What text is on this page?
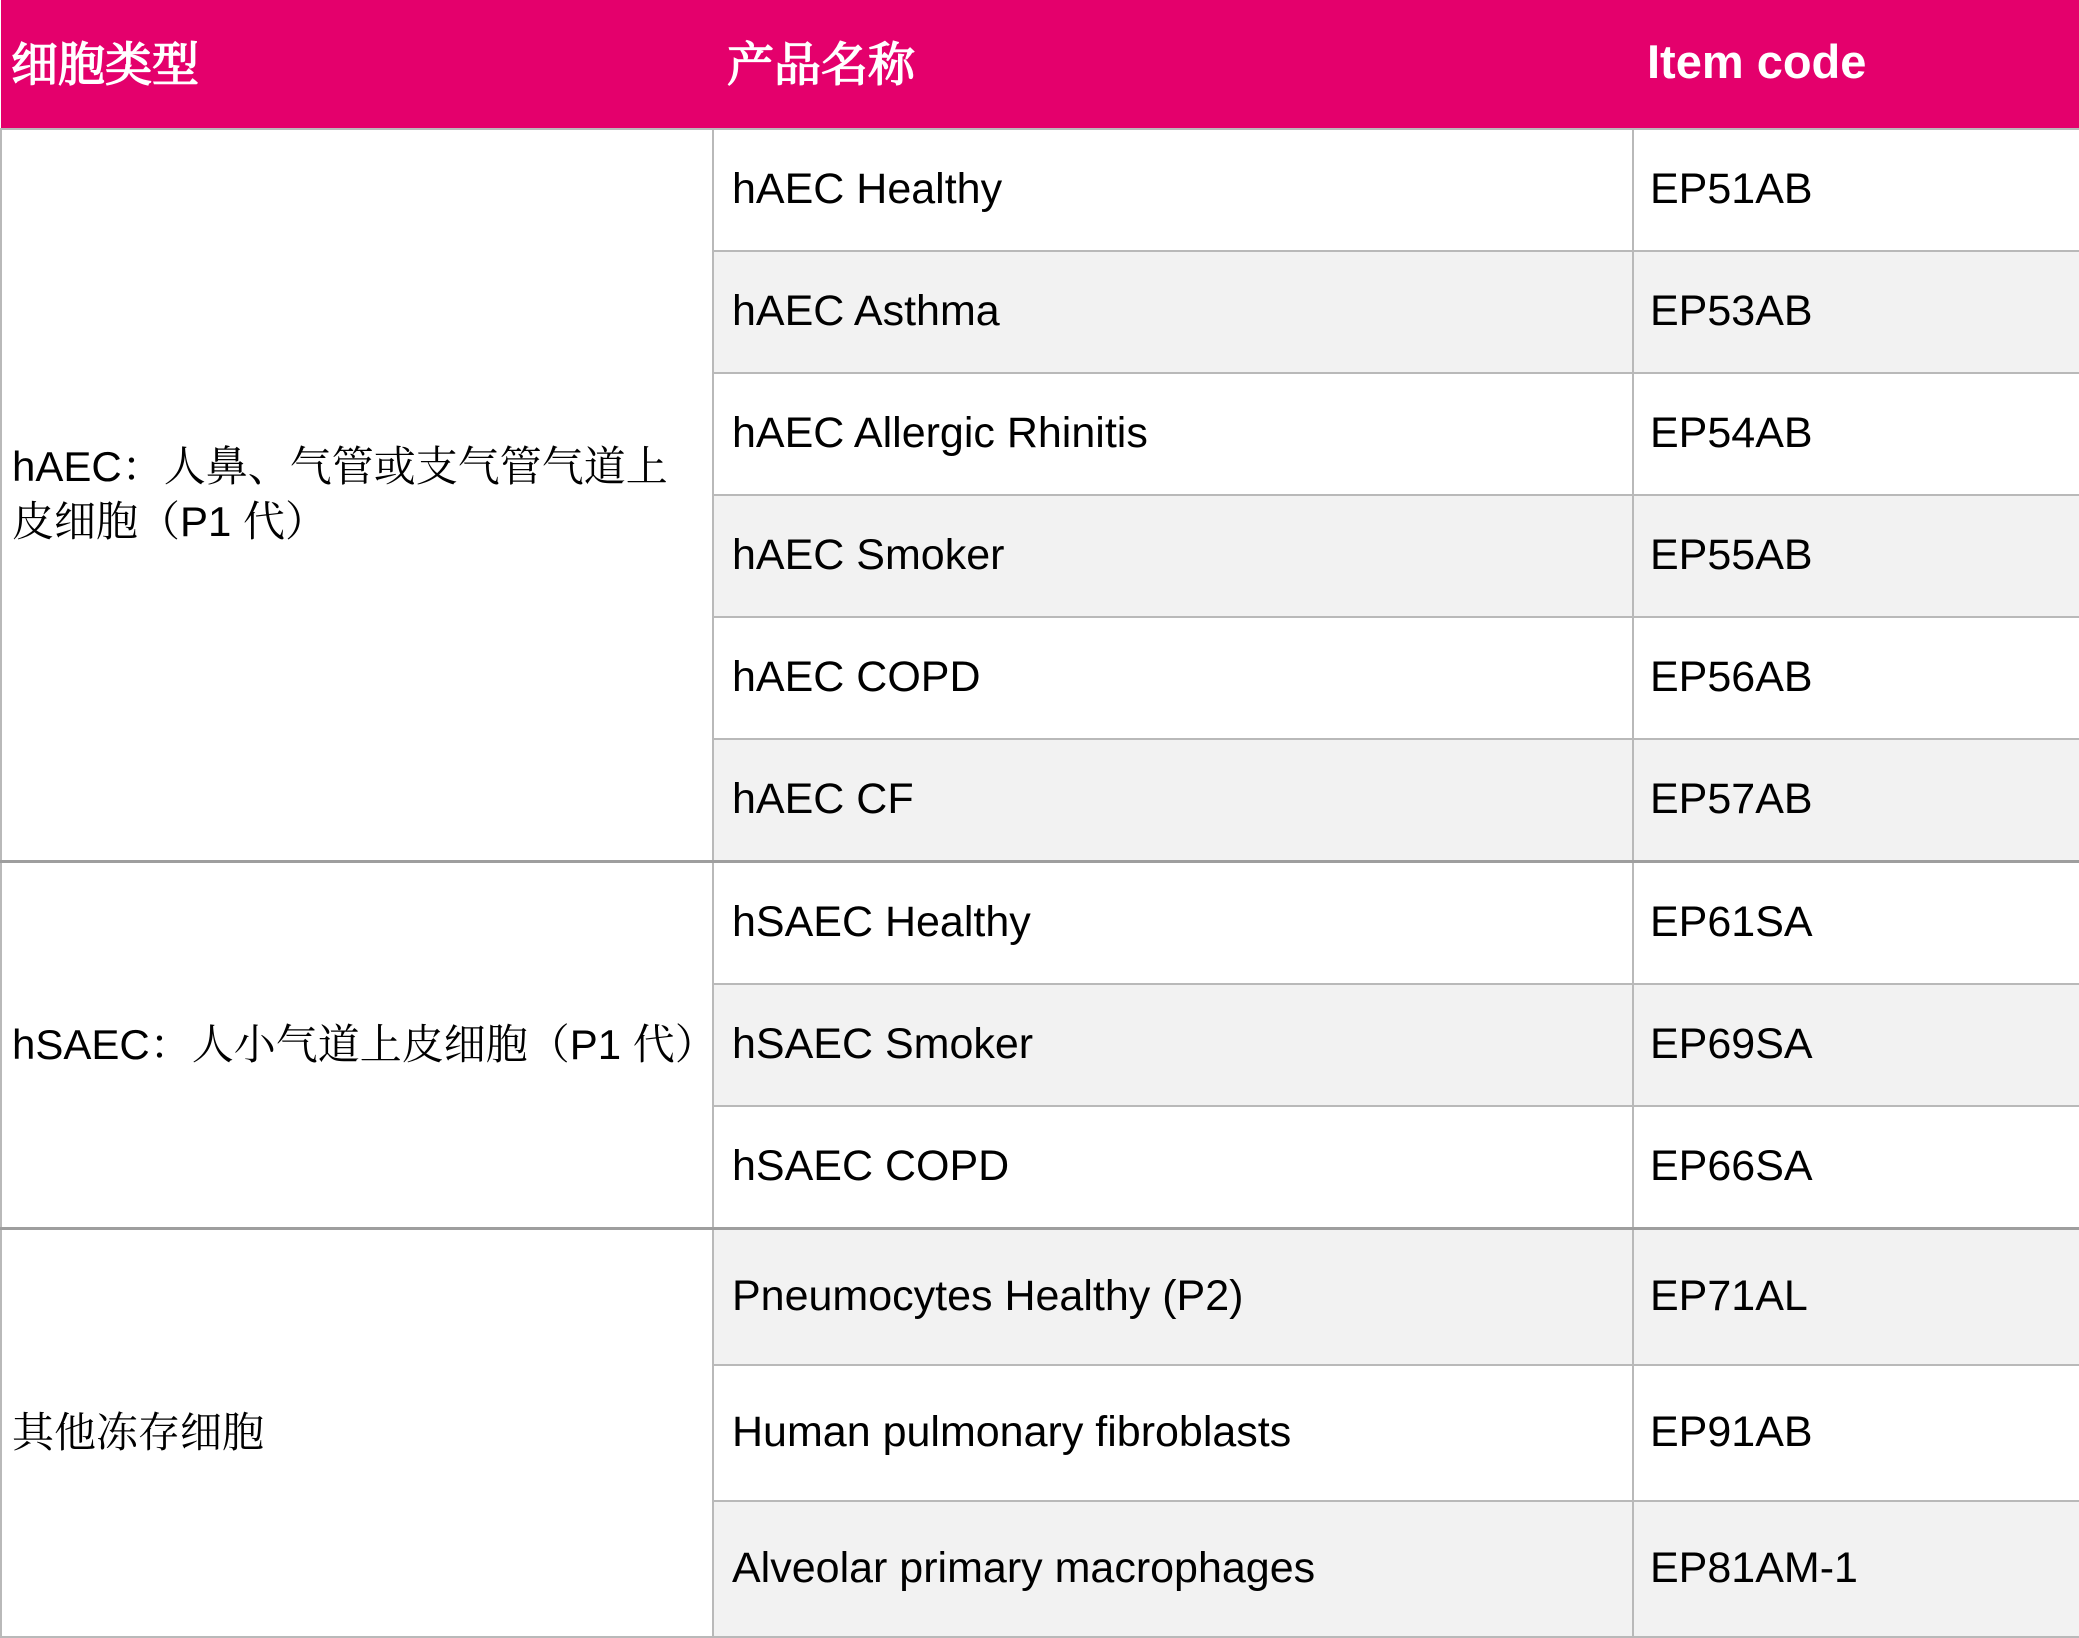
细胞类型	产品名称	Item code
hAEC：人鼻、气管或支气管气道上皮细胞（P1 代）	hAEC Healthy	EP51AB
	hAEC Asthma	EP53AB
	hAEC Allergic Rhinitis	EP54AB
	hAEC Smoker	EP55AB
	hAEC COPD	EP56AB
	hAEC CF	EP57AB
hSAEC：人小气道上皮细胞（P1 代）	hSAEC Healthy	EP61SA
	hSAEC Smoker	EP69SA
	hSAEC COPD	EP66SA
其他冻存细胞	Pneumocytes Healthy (P2)	EP71AL
	Human pulmonary fibroblasts	EP91AB
	Alveolar primary macrophages	EP81AM-1
